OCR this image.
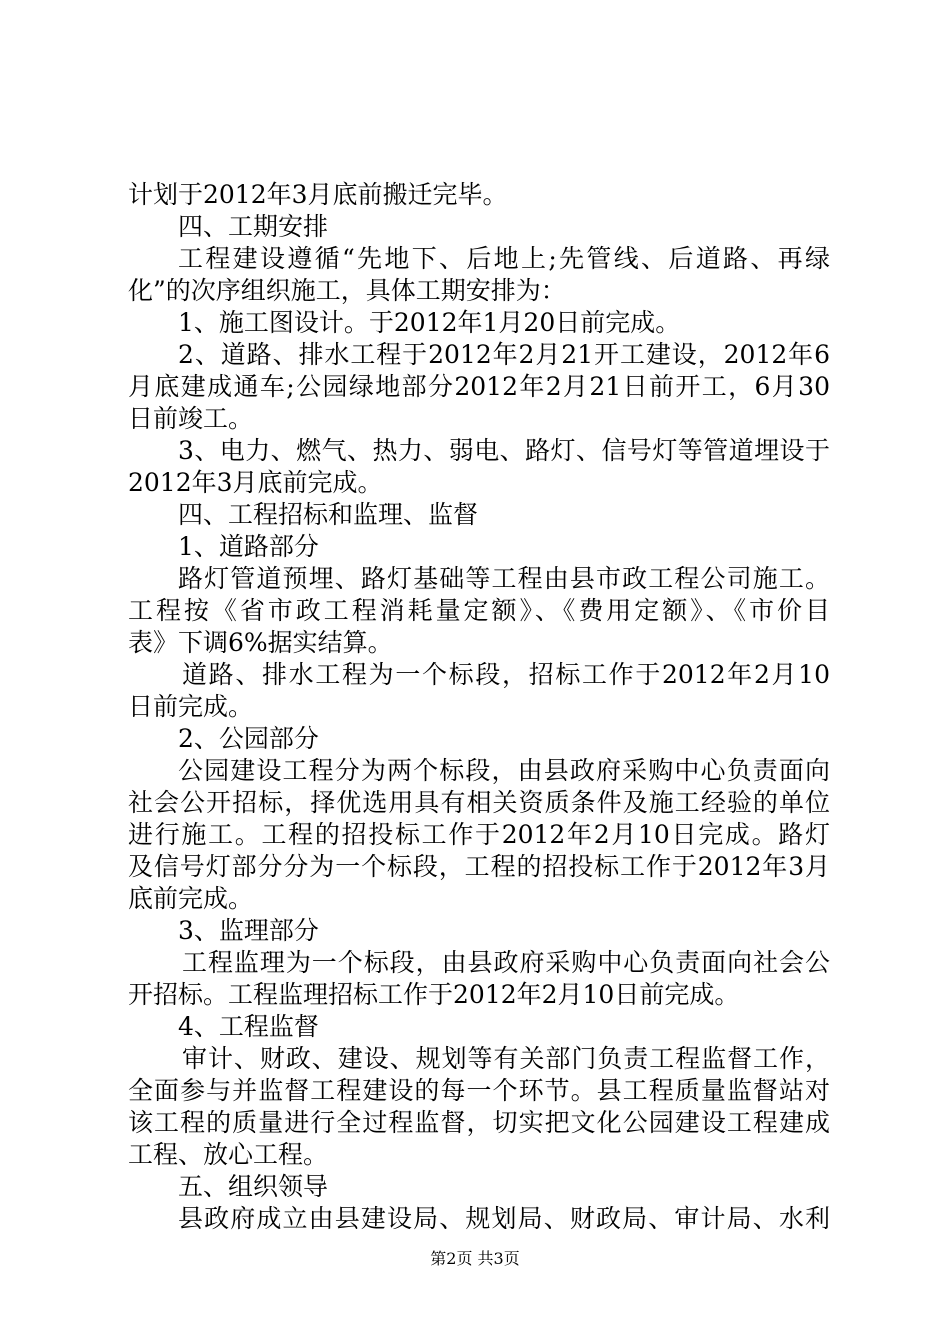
计划于2012年3月底前搬迁完毕。
四、工期安排
工程建设遵循“先地下、后地上;先管线、后道路、再绿
化”的次序组织施工，具体工期安排为：
1、施工图设计。于2012年1月20日前完成。
2、道路、排水工程于2012年2月21开工建设，2012年6
月底建成通车;公园绿地部分2012年2月21日前开工，6月30
日前竣工。
3、电力、燃气、热力、弱电、路灯、信号灯等管道埋设于
2012年3月底前完成。
四、工程招标和监理、监督
1、道路部分
路灯管道预埋、路灯基础等工程由县市政工程公司施工。
工程按《省市政工程消耗量定额》、《费用定额》、《市价目
表》下调6%据实结算。
道路、排水工程为一个标段，招标工作于2012年2月10
日前完成。
2、公园部分
公园建设工程分为两个标段，由县政府采购中心负责面向
社会公开招标，择优选用具有相关资质条件及施工经验的单位
进行施工。工程的招投标工作于2012年2月10日完成。路灯
及信号灯部分分为一个标段，工程的招投标工作于2012年3月
底前完成。
3、监理部分
工程监理为一个标段，由县政府采购中心负责面向社会公
开招标。工程监理招标工作于2012年2月10日前完成。
4、工程监督
审计、财政、建设、规划等有关部门负责工程监督工作，
全面参与并监督工程建设的每一个环节。县工程质量监督站对
该工程的质量进行全过程监督，切实把文化公园建设工程建成
工程、放心工程。
五、组织领导
县政府成立由县建设局、规划局、财政局、审计局、水利
第2页 共3页
